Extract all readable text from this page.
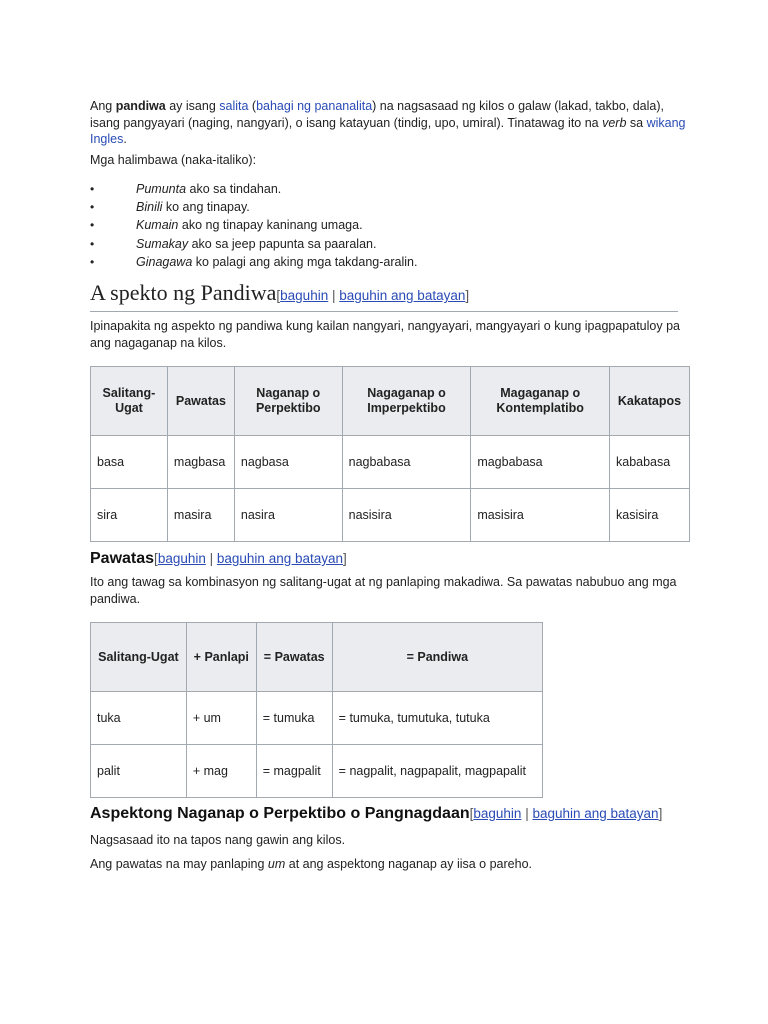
Ang pandiwa ay isang salita (bahagi ng pananalita) na nagsasaad ng kilos o galaw (lakad, takbo, dala), isang pangyayari (naging, nangyari), o isang katayuan (tindig, upo, umiral). Tinatawag ito na verb sa wikang Ingles.

Mga halimbawa (naka-italiko):

•	Pumunta ako sa tindahan.
•	Binili ko ang tinapay.
•	Kumain ako ng tinapay kaninang umaga.
•	Sumakay ako sa jeep papunta sa paaralan.
•	Ginagawa ko palagi ang aking mga takdang-aralin.
A spekto ng Pandiwa[baguhin | baguhin ang batayan]

Ipinapakita ng aspekto ng pandiwa kung kailan nangyari, nangyayari, mangyayari o kung ipagpapatuloy pa ang nagaganap na kilos.

Salitang-Ugat	Pawatas	Naganap o Perpektibo	Nagaganap o Imperpektibo	Magaganap o Kontemplatibo	Kakatapos
basa	magbasa	nagbasa	nagbabasa	magbabasa	kababasa
sira	masira	nasira	nasisira	masisira	kasisira
Pawatas[baguhin | baguhin ang batayan]

Ito ang tawag sa kombinasyon ng salitang-ugat at ng panlaping makadiwa. Sa pawatas nabubuo ang mga pandiwa.

Salitang-Ugat	+ Panlapi	= Pawatas	= Pandiwa
tuka	+ um	= tumuka	= tumuka, tumutuka, tutuka
palit	+ mag	= magpalit	= nagpalit, nagpapalit, magpapalit
Aspektong Naganap o Perpektibo o Pangnagdaan[baguhin | baguhin ang batayan]

Nagsasaad ito na tapos nang gawin ang kilos.

Ang pawatas na may panlaping um at ang aspektong naganap ay iisa o pareho.
